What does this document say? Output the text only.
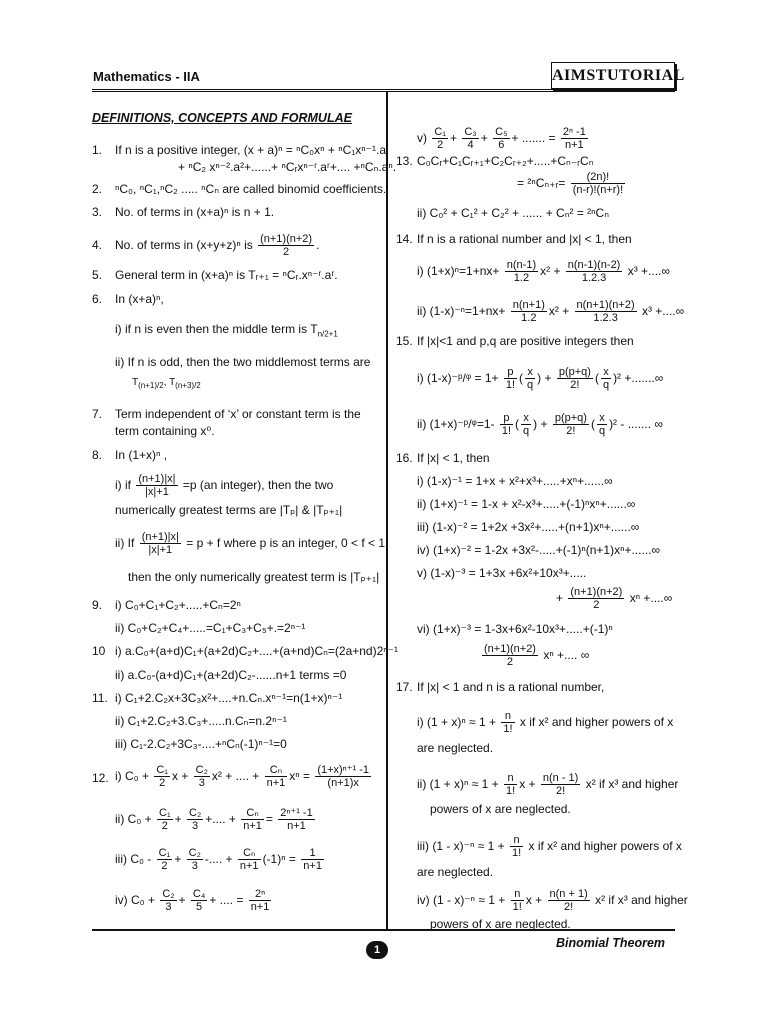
Mathematics - IIA	AIMSTUTORIAL
DEFINITIONS, CONCEPTS AND FORMULAE
1. If n is a positive integer, (x + a)ⁿ = ⁿC₀xⁿ + ⁿC₁xⁿ⁻¹.a
+ ⁿC₂ xⁿ⁻².a²+......+ ⁿCᵣxⁿ⁻ʳ.aʳ+.... +ⁿCₙ.aⁿ.
2. ⁿC₀, ⁿC₁,ⁿC₂ ..... ⁿCₙ are called binomid coefficients.
3. No. of terms in (x+a)ⁿ is n + 1.
4. No. of terms in (x+y+z)ⁿ is $\frac{(n+1)(n+2)}{2}$ .
5. General term in (x+a)ⁿ is Tᵣ₊₁ = ⁿCᵣ.xⁿ⁻ʳ.aʳ.
6. In (x+a)ⁿ,
i) if n is even then the middle term is $T_{n/2+1}$
ii) If n is odd, then the two middlemost terms are
$T_{(n+1)/2}$, $T_{(n+3)/2}$
7. Term independent of ‘x’ or constant term is the
term containing x⁰.
8. In (1+x)ⁿ ,
i) if $\frac{(n+1)|x|}{|x|+1} =p$ (an integer), then the two
numerically greatest terms are |Tₚ| & |Tₚ₊₁|
ii) If $\frac{(n+1)|x|}{|x|+1} = p + f$ where p is an integer, 0 < f < 1
then the only numerically greatest term is |Tₚ₊₁|
9. i) C₀+C₁+C₂+.....+Cₙ=2ⁿ
ii) C₀+C₂+C₄+.....=C₁+C₃+C₅+.=2ⁿ⁻¹
10 i) a.C₀+(a+d)C₁+(a+2d)C₂+....+(a+nd)Cₙ=(2a+nd)2ⁿ⁻¹
ii) a.C₀-(a+d)C₁+(a+2d)C₂-......n+1 terms =0
11. i) C₁+2.C₂x+3C₃x²+....+n.Cₙ.xⁿ⁻¹=n(1+x)ⁿ⁻¹
ii) C₁+2.C₂+3.C₃+.....n.Cₙ=n.2ⁿ⁻¹
iii) C₁-2.C₂+3C₃-....+ⁿCₙ(-1)ⁿ⁻¹=0
12. i) $C_0 + \frac{\text{C₁}}{2}$ $x + \frac{\text{C₂}}{3} x^2$ + .... + $\frac{\text{Cₙ}}{n+1}$ $x^n = \frac{\text{(1+x)ⁿ⁺¹ -1}}{(n+1)x}$
ii) $C_0 + \frac{\text{C₁}}{2} + \frac{\text{C₂}}{3}$ +.... + $\frac{\text{Cₙ}}{n+1} = \frac{\text{2ⁿ⁺¹ -1}}{n+1}$
iii) $C_0 - \frac{\text{C₁}}{2} + \frac{\text{C₂}}{3}$ -.... + $\frac{\text{Cₙ}}{n+1} (-1)^n = \frac{1}{n+1}$
iv) $C_0 + \frac{\text{C₂}}{3} + \frac{\text{C₄}}{5}$ + .... = $\frac{\text{2ⁿ}}{n+1}$
$v) \frac{\text{C₁}}{2} + \frac{\text{C₃}}{4} + \frac{\text{C₅}}{6}$ + ....... = $\frac{\text{2ⁿ -1}}{n+1}$
13. C₀Cᵣ+C₁Cᵣ₊₁+C₂Cᵣ₊₂+.....+Cₙ₋ᵣCₙ
= ²ⁿCₙ₊ᵣ= $\frac{(2n)!}{(n-r)!(n+r)!}$
ii) C₀² + C₁² + C₂² + ...... + Cₙ² = ²ⁿCₙ
14. If n is a rational number and |x| < 1, then
i) $(1+x)^n=1+nx+ \frac{n(n-1)}{1.2} x^2 + \frac{n(n-1)(n-2)}{1.2.3} x^3$ +....∞
ii) $(1-x)^{-n}=1+nx+ \frac{n(n+1)}{1.2} x^2 + \frac{n(n+1)(n+2)}{1.2.3} x^3$ +....∞
15. If |x|<1 and p,q are positive integers then
i) (1-x)⁻ᵖ/ᵠ = $1+ \frac{p}{1!}$ ( $\frac{x}{q}$ ) + $\frac{p(p+q)}{2!}$ ( $\frac{x}{q} )^2$ +.......∞
ii) (1+x)⁻ᵖ/ᵠ=1- $\frac{p}{1!}$ ( $\frac{x}{q}$ ) + $\frac{p(p+q)}{2!}$ ( $\frac{x}{q} )^2$ - ....... ∞
16. If |x| < 1, then
i) (1-x)⁻¹ = 1+x + x²+x³+.....+xⁿ+......∞
ii) (1+x)⁻¹ = 1-x + x²-x³+.....+(-1)ⁿxⁿ+......∞
iii) (1-x)⁻² = 1+2x +3x²+.....+(n+1)xⁿ+......∞
iv) (1+x)⁻² = 1-2x +3x²-.....+(-1)ⁿ(n+1)xⁿ+......∞
v) (1-x)⁻³ = 1+3x +6x²+10x³+.....
+ $\frac{(n+1)(n+2)}{2}$ xⁿ +....∞
vi) (1+x)⁻³ = 1-3x+6x²-10x³+.....+(-1)ⁿ
$\frac{(n+1)(n+2)}{2}$ xⁿ +.... ∞
17. If |x| < 1 and n is a rational number,
i) $(1 + x)^n \approx 1 + \frac{n}{1!}$ x if x² and higher powers of x
are neglected.
ii) $(1 + x)^n \approx 1 + \frac{n}{1!}$ $x + \frac{n(n - 1)}{2!} x^2$ if x³ and higher
powers of x are neglected.
iii) $(1 - x)^{-n} \approx 1 + \frac{n}{1!}$ x if x² and higher powers of x
are neglected.
iv) $(1 - x)^{-n} \approx 1 + \frac{n}{1!}$ $x + \frac{n(n + 1)}{2!} x^2$ if x³ and higher
powers of x are neglected.
1	Binomial Theorem
